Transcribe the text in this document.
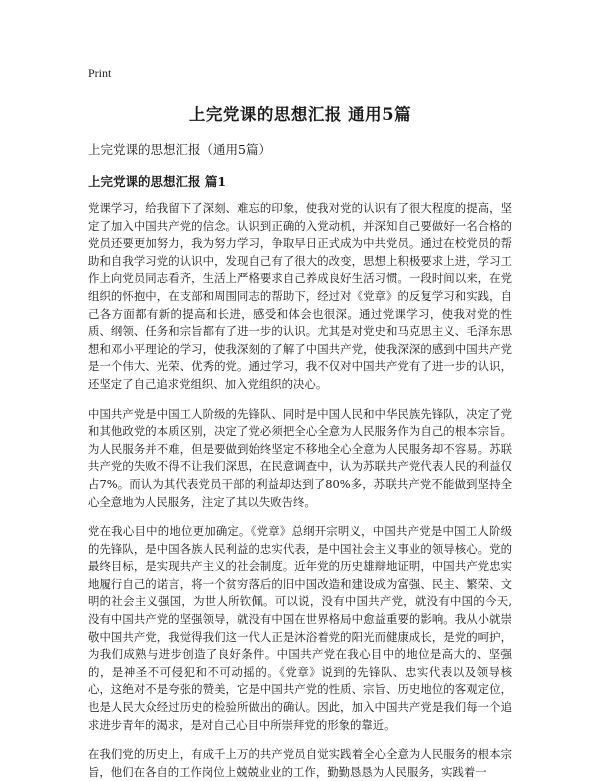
Print
上完党课的思想汇报 通用5篇
上完党课的思想汇报（通用5篇）
上完党课的思想汇报 篇1

党课学习，给我留下了深刻、难忘的印象，使我对党的认识有了很大程度的提高，坚定了加入中国共产党的信念。认识到正确的入党动机，并深知自己要做好一名合格的党员还要更加努力，我为努力学习，争取早日正式成为中共党员。通过在校党员的帮助和自我学习党的认识中，发现自己有了很大的改变，思想上积极要求上进，学习工作上向党员同志看齐，生活上严格要求自己养成良好生活习惯。一段时间以来，在党组织的怀抱中，在支部和周围同志的帮助下，经过对《党章》的反复学习和实践，自己各方面都有新的提高和长进，感受和体会也很深。通过党课学习，使我对党的性质、纲领、任务和宗旨都有了进一步的认识。尤其是对党史和马克思主义、毛泽东思想和邓小平理论的学习，使我深刻的了解了中国共产党，使我深深的感到中国共产党是一个伟大、光荣、优秀的党。通过学习，我不仅对中国共产党有了进一步的认识，还坚定了自己追求党组织、加入党组织的决心。

中国共产党是中国工人阶级的先锋队、同时是中国人民和中华民族先锋队，决定了党和其他政党的本质区别，决定了党必须把全心全意为人民服务作为自己的根本宗旨。为人民服务并不难，但是要做到始终坚定不移地全心全意为人民服务却不容易。苏联共产党的失败不得不让我们深思，在民意调查中，认为苏联共产党代表人民的利益仅占7%。而认为其代表党员干部的利益却达到了80%多，苏联共产党不能做到坚持全心全意地为人民服务，注定了其以失败告终。

党在我心目中的地位更加确定。《党章》总纲开宗明义，中国共产党是中国工人阶级的先锋队，是中国各族人民利益的忠实代表，是中国社会主义事业的领导核心。党的最终目标，是实现共产主义的社会制度。近年党的历史雄辩地证明，中国共产党忠实地履行自己的诺言，将一个贫穷落后的旧中国改造和建设成为富强、民主、繁荣、文明的社会主义强国，为世人所钦佩。可以说，没有中国共产党，就没有中国的今天,没有中国共产党的坚强领导，就没有中国在世界格局中愈益重要的影响。我从小就崇敬中国共产党，我觉得我们这一代人正是沐浴着党的阳光而健康成长，是党的呵护，为我们成熟与进步创造了良好条件。中国共产党在我心目中的地位是高大的、坚强的，是神圣不可侵犯和不可动摇的。《党章》说到的先锋队、忠实代表以及领导核心，这绝对不是夸张的赞美，它是中国共产党的性质、宗旨、历史地位的客观定位，也是人民大众经过历史的检验所做出的确认。因此，加入中国共产党是我们每一个追求进步青年的渴求，是对自己心目中所崇拜党的形象的靠近。

在我们党的历史上，有成千上万的共产党员自觉实践着全心全意为人民服务的根本宗旨，他们在各自的工作岗位上兢兢业业的工作，勤勤恳恳为人民服务，实践着一
